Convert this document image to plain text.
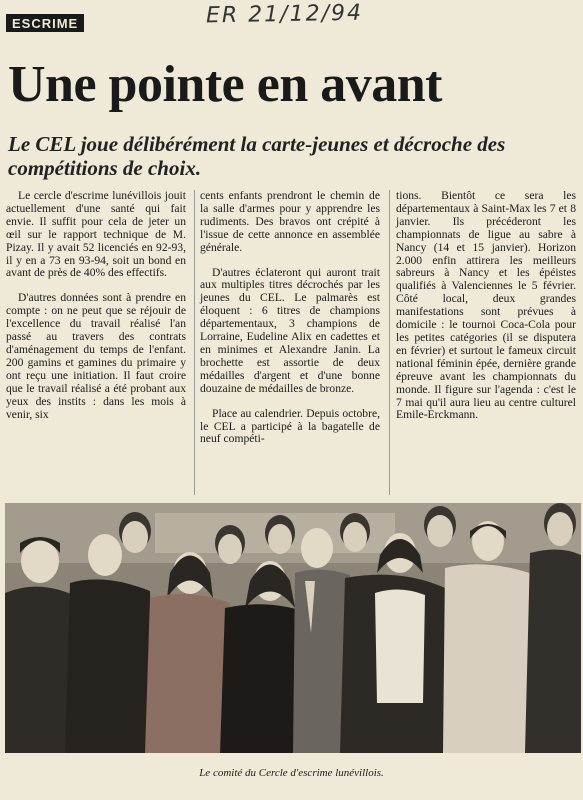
ESCRIME	ER 21/12/94
Une pointe en avant
Le CEL joue délibérément la carte-jeunes et décroche des compétitions de choix.

Le cercle d'escrime lunévillois jouit actuellement d'une santé qui fait envie. Il suffit pour cela de jeter un œil sur le rapport technique de M. Pizay. Il y avait 52 licenciés en 92-93, il y en a 73 en 93-94, soit un bond en avant de près de 40% des effectifs.

D'autres données sont à prendre en compte : on ne peut que se réjouir de l'excellence du travail réalisé l'an passé au travers des contrats d'aménagement du temps de l'enfant. 200 gamins et gamines du primaire y ont reçu une initiation. Il faut croire que le travail réalisé a été probant aux yeux des instits : dans les mois à venir, six

cents enfants prendront le chemin de la salle d'armes pour y apprendre les rudiments. Des bravos ont crépité à l'issue de cette annonce en assemblée générale.

D'autres éclateront qui auront trait aux multiples titres décrochés par les jeunes du CEL. Le palmarès est éloquent : 6 titres de champions départementaux, 3 champions de Lorraine, Eudeline Alix en cadettes et en minimes et Alexandre Janin. La brochette est assortie de deux médailles d'argent et d'une bonne douzaine de médailles de bronze.

Place au calendrier. Depuis octobre, le CEL a participé à la bagatelle de neuf compéti-

tions. Bientôt ce sera les départementaux à Saint-Max les 7 et 8 janvier. Ils précéderont les championnats de ligue au sabre à Nancy (14 et 15 janvier). Horizon 2.000 enfin attirera les meilleurs sabreurs à Nancy et les épéistes qualifiés à Valenciennes le 5 février. Côté local, deux grandes manifestations sont prévues à domicile : le tournoi Coca-Cola pour les petites catégories (il se disputera en février) et surtout le fameux circuit national féminin épée, dernière grande épreuve avant les championnats du monde. Il figure sur l'agenda : c'est le 7 mai qu'il aura lieu au centre culturel Emile-Erckmann.

Le comité du Cercle d'escrime lunévillois.
